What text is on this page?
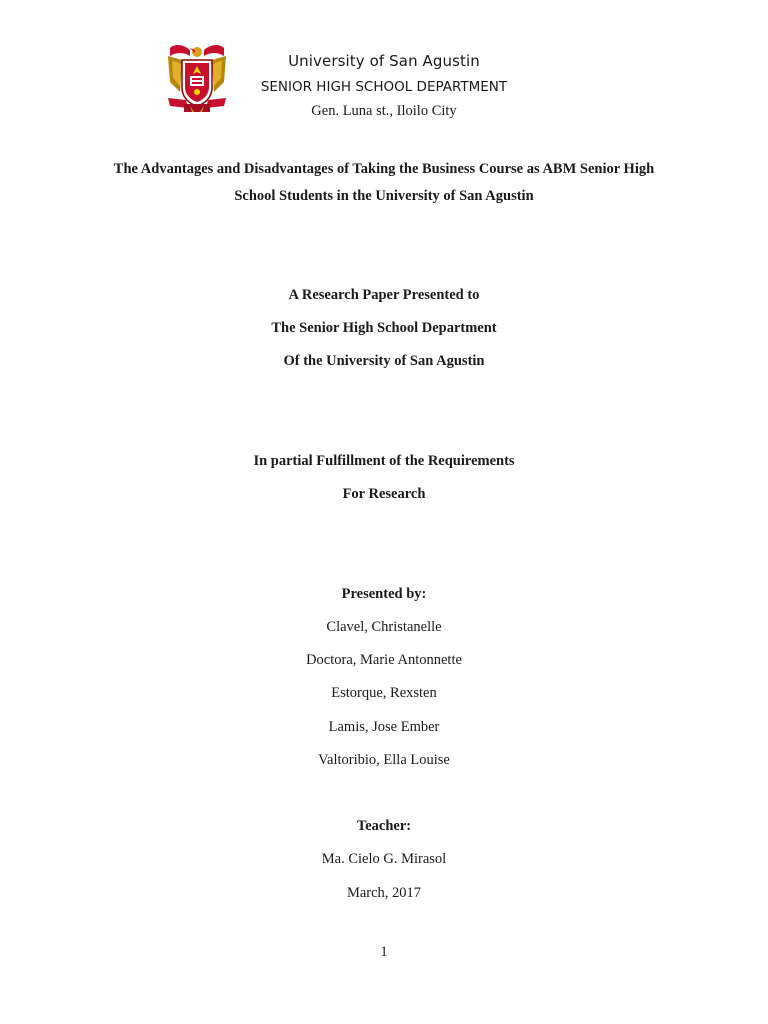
University of San Agustin
SENIOR HIGH SCHOOL DEPARTMENT
Gen. Luna st., Iloilo City
The Advantages and Disadvantages of Taking the Business Course as ABM Senior High
School Students in the University of San Agustin
A Research Paper Presented to
The Senior High School Department
Of the University of San Agustin
In partial Fulfillment of the Requirements
For Research
Presented by:
Clavel, Christanelle
Doctora, Marie Antonnette
Estorque, Rexsten
Lamis, Jose Ember
Valtoribio, Ella Louise
Teacher:
Ma. Cielo G. Mirasol
March, 2017
1
